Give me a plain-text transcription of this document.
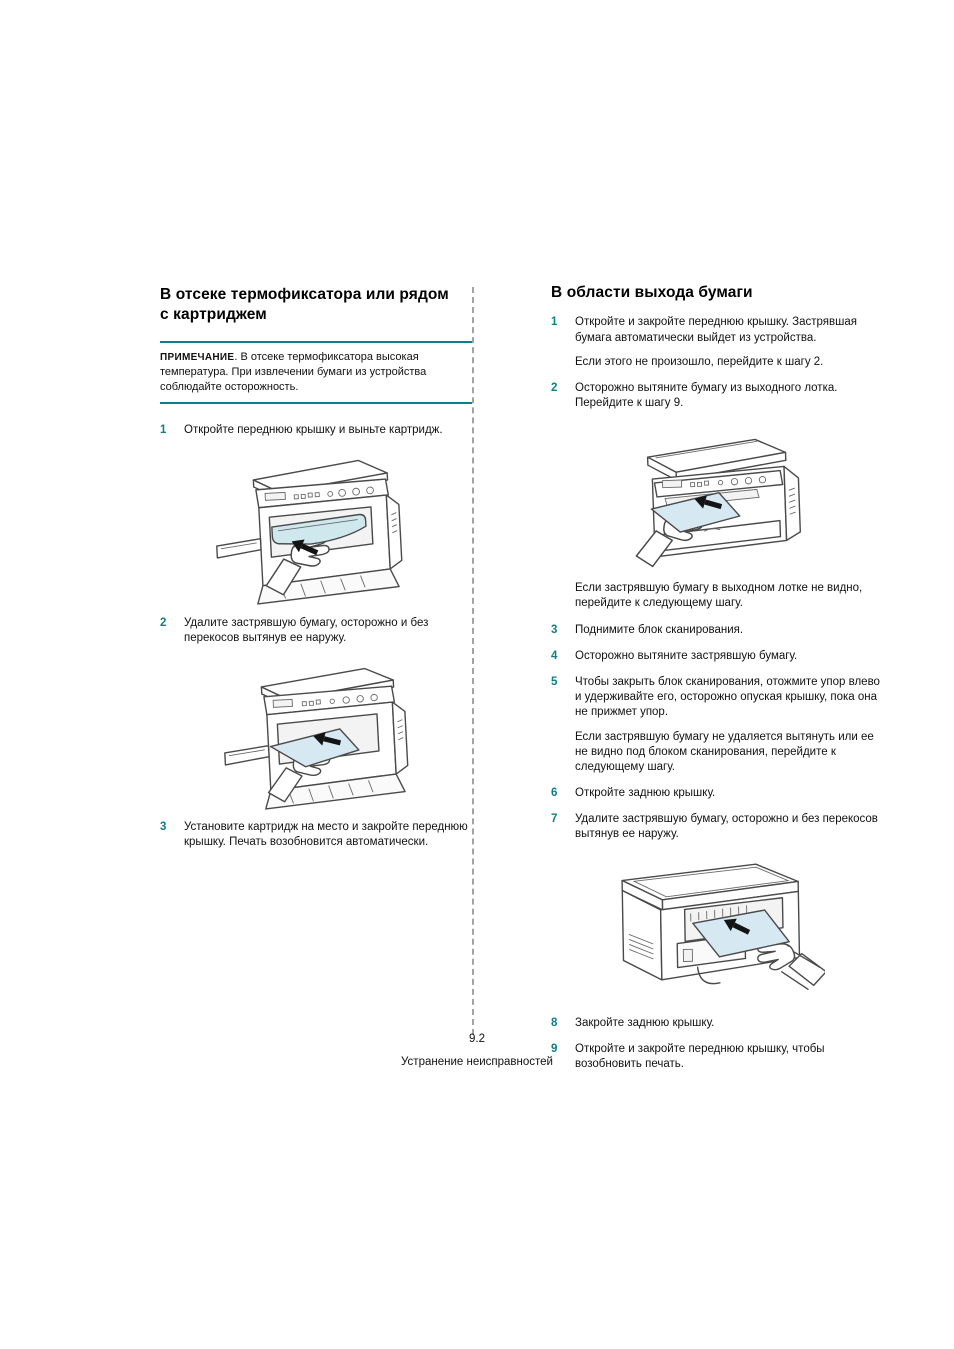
В отсеке термофиксатора или рядом с картриджем
ПРИМЕЧАНИЕ. В отсеке термофиксатора высокая температура. При извлечении бумаги из устройства соблюдайте осторожность.
1	Откройте переднюю крышку и выньте картридж.
2	Удалите застрявшую бумагу, осторожно и без перекосов вытянув ее наружу.
3	Установите картридж на место и закройте переднюю крышку. Печать возобновится автоматически.
В области выхода бумаги
1	Откройте и закройте переднюю крышку. Застрявшая бумага автоматически выйдет из устройства.
Если этого не произошло, перейдите к шагу 2.
2	Осторожно вытяните бумагу из выходного лотка. Перейдите к шагу 9.
Если застрявшую бумагу в выходном лотке не видно, перейдите к следующему шагу.
3	Поднимите блок сканирования.
4	Осторожно вытяните застрявшую бумагу.
5	Чтобы закрыть блок сканирования, отожмите упор влево и удерживайте его, осторожно опуская крышку, пока она не прижмет упор.
Если застрявшую бумагу не удаляется вытянуть или ее не видно под блоком сканирования, перейдите к следующему шагу.
6	Откройте заднюю крышку.
7	Удалите застрявшую бумагу, осторожно и без перекосов вытянув ее наружу.
8	Закройте заднюю крышку.
9	Откройте и закройте переднюю крышку, чтобы возобновить печать.
9.2
Устранение неисправностей
